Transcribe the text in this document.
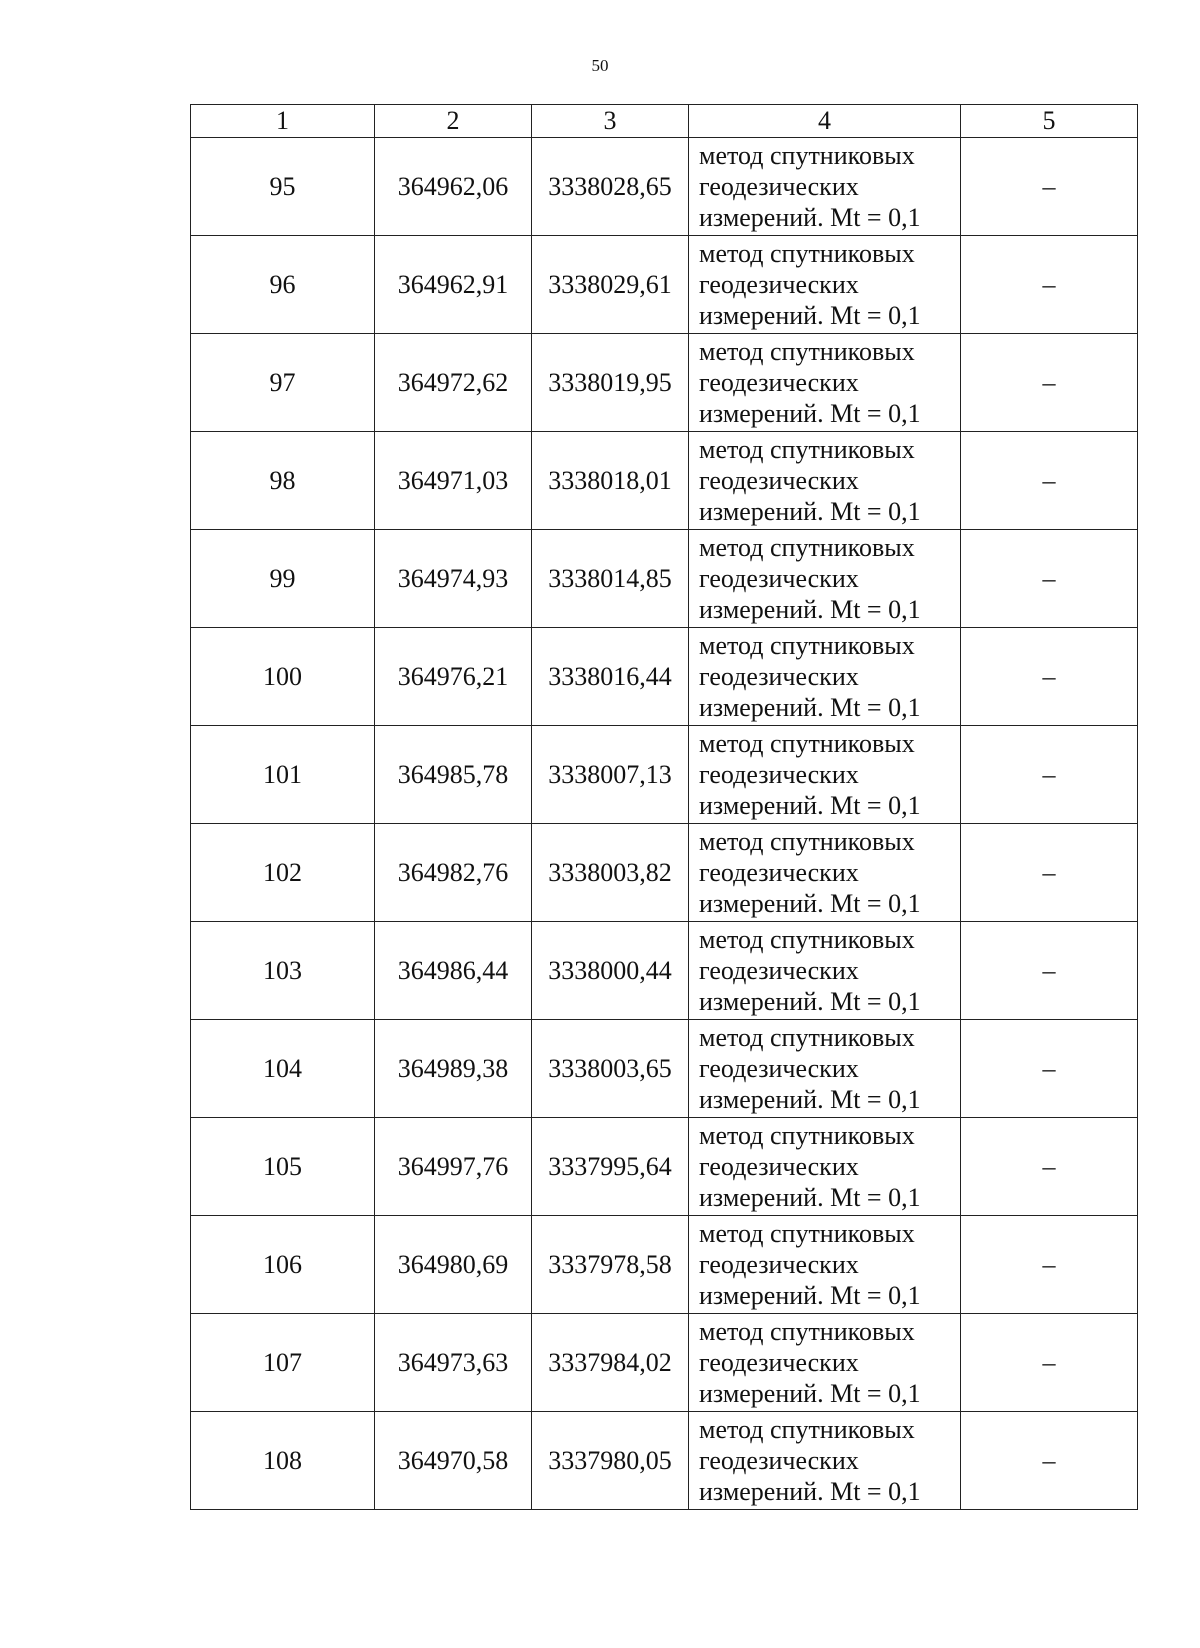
50
1	2	3	4	5
95	364962,06	3338028,65	метод спутниковых
геодезических
измерений. Mt = 0,1	–
96	364962,91	3338029,61	метод спутниковых
геодезических
измерений. Mt = 0,1	–
97	364972,62	3338019,95	метод спутниковых
геодезических
измерений. Mt = 0,1	–
98	364971,03	3338018,01	метод спутниковых
геодезических
измерений. Mt = 0,1	–
99	364974,93	3338014,85	метод спутниковых
геодезических
измерений. Mt = 0,1	–
100	364976,21	3338016,44	метод спутниковых
геодезических
измерений. Mt = 0,1	–
101	364985,78	3338007,13	метод спутниковых
геодезических
измерений. Mt = 0,1	–
102	364982,76	3338003,82	метод спутниковых
геодезических
измерений. Mt = 0,1	–
103	364986,44	3338000,44	метод спутниковых
геодезических
измерений. Mt = 0,1	–
104	364989,38	3338003,65	метод спутниковых
геодезических
измерений. Mt = 0,1	–
105	364997,76	3337995,64	метод спутниковых
геодезических
измерений. Mt = 0,1	–
106	364980,69	3337978,58	метод спутниковых
геодезических
измерений. Mt = 0,1	–
107	364973,63	3337984,02	метод спутниковых
геодезических
измерений. Mt = 0,1	–
108	364970,58	3337980,05	метод спутниковых
геодезических
измерений. Mt = 0,1	–
